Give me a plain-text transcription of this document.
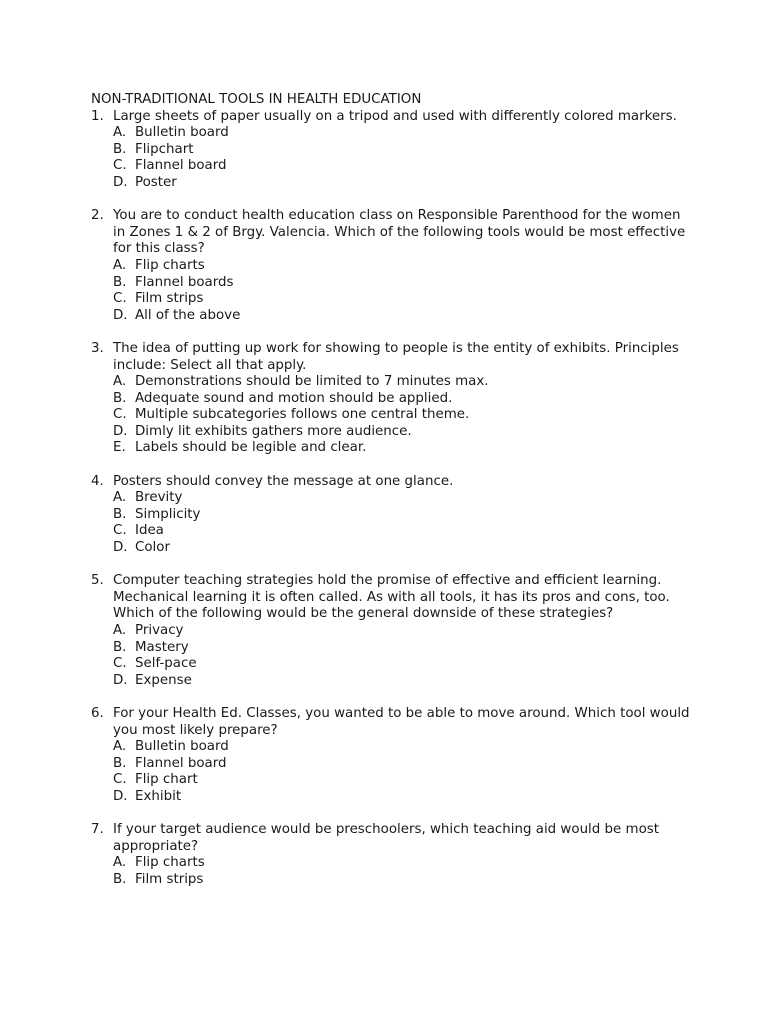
NON-TRADITIONAL TOOLS IN HEALTH EDUCATION
1. Large sheets of paper usually on a tripod and used with differently colored markers.
A. Bulletin board
B. Flipchart
C. Flannel board
D. Poster
2. You are to conduct health education class on Responsible Parenthood for the women in Zones 1 & 2 of Brgy. Valencia. Which of the following tools would be most effective for this class?
A. Flip charts
B. Flannel boards
C. Film strips
D. All of the above
3. The idea of putting up work for showing to people is the entity of exhibits. Principles include: Select all that apply.
A. Demonstrations should be limited to 7 minutes max.
B. Adequate sound and motion should be applied.
C. Multiple subcategories follows one central theme.
D. Dimly lit exhibits gathers more audience.
E. Labels should be legible and clear.
4. Posters should convey the message at one glance.
A. Brevity
B. Simplicity
C. Idea
D. Color
5. Computer teaching strategies hold the promise of effective and efficient learning. Mechanical learning it is often called. As with all tools, it has its pros and cons, too. Which of the following would be the general downside of these strategies?
A. Privacy
B. Mastery
C. Self-pace
D. Expense
6. For your Health Ed. Classes, you wanted to be able to move around. Which tool would you most likely prepare?
A. Bulletin board
B. Flannel board
C. Flip chart
D. Exhibit
7. If your target audience would be preschoolers, which teaching aid would be most appropriate?
A. Flip charts
B. Film strips
